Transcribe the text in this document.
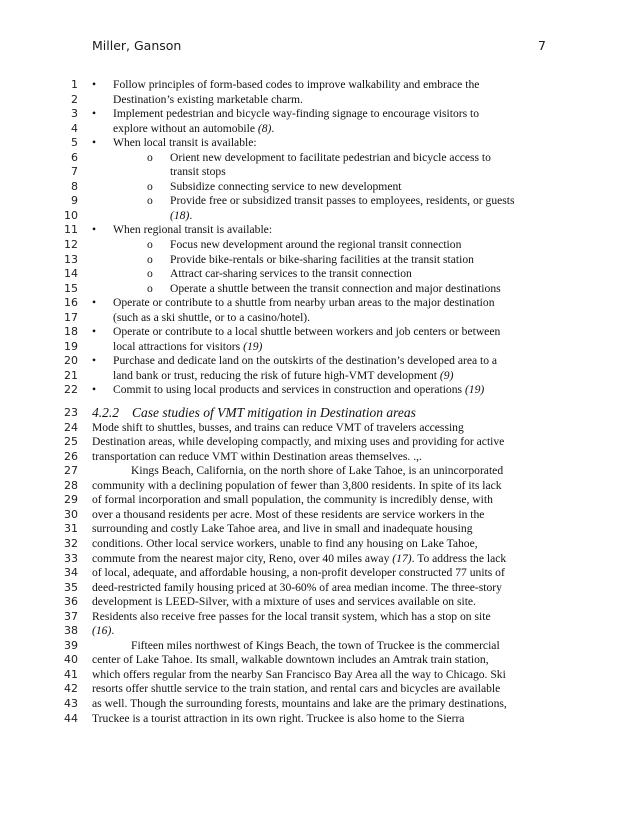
Miller, Ganson	7
1 • Follow principles of form-based codes to improve walkability and embrace the
2	Destination’s existing marketable charm.
3 • Implement pedestrian and bicycle way-finding signage to encourage visitors to
4	explore without an automobile (8).
5 • When local transit is available:
6	o Orient new development to facilitate pedestrian and bicycle access to
7	transit stops
8	o Subsidize connecting service to new development
9	o Provide free or subsidized transit passes to employees, residents, or guests
10	(18).
11 • When regional transit is available:
12	o Focus new development around the regional transit connection
13	o Provide bike-rentals or bike-sharing facilities at the transit station
14	o Attract car-sharing services to the transit connection
15	o Operate a shuttle between the transit connection and major destinations
16 • Operate or contribute to a shuttle from nearby urban areas to the major destination
17	(such as a ski shuttle, or to a casino/hotel).
18 • Operate or contribute to a local shuttle between workers and job centers or between
19	local attractions for visitors (19)
20 • Purchase and dedicate land on the outskirts of the destination’s developed area to a
21	land bank or trust, reducing the risk of future high-VMT development (9)
22 • Commit to using local products and services in construction and operations (19)
23 4.2.2 Case studies of VMT mitigation in Destination areas
24 Mode shift to shuttles, busses, and trains can reduce VMT of travelers accessing
25 Destination areas, while developing compactly, and mixing uses and providing for active
26 transportation can reduce VMT within Destination areas themselves. .,.
27	Kings Beach, California, on the north shore of Lake Tahoe, is an unincorporated
28 community with a declining population of fewer than 3,800 residents. In spite of its lack
29 of formal incorporation and small population, the community is incredibly dense, with
30 over a thousand residents per acre. Most of these residents are service workers in the
31 surrounding and costly Lake Tahoe area, and live in small and inadequate housing
32 conditions. Other local service workers, unable to find any housing on Lake Tahoe,
33 commute from the nearest major city, Reno, over 40 miles away (17). To address the lack
34 of local, adequate, and affordable housing, a non-profit developer constructed 77 units of
35 deed-restricted family housing priced at 30-60% of area median income. The three-story
36 development is LEED-Silver, with a mixture of uses and services available on site.
37 Residents also receive free passes for the local transit system, which has a stop on site
38 (16).
39	Fifteen miles northwest of Kings Beach, the town of Truckee is the commercial
40 center of Lake Tahoe. Its small, walkable downtown includes an Amtrak train station,
41 which offers regular from the nearby San Francisco Bay Area all the way to Chicago. Ski
42 resorts offer shuttle service to the train station, and rental cars and bicycles are available
43 as well. Though the surrounding forests, mountains and lake are the primary destinations,
44 Truckee is a tourist attraction in its own right. Truckee is also home to the Sierra
